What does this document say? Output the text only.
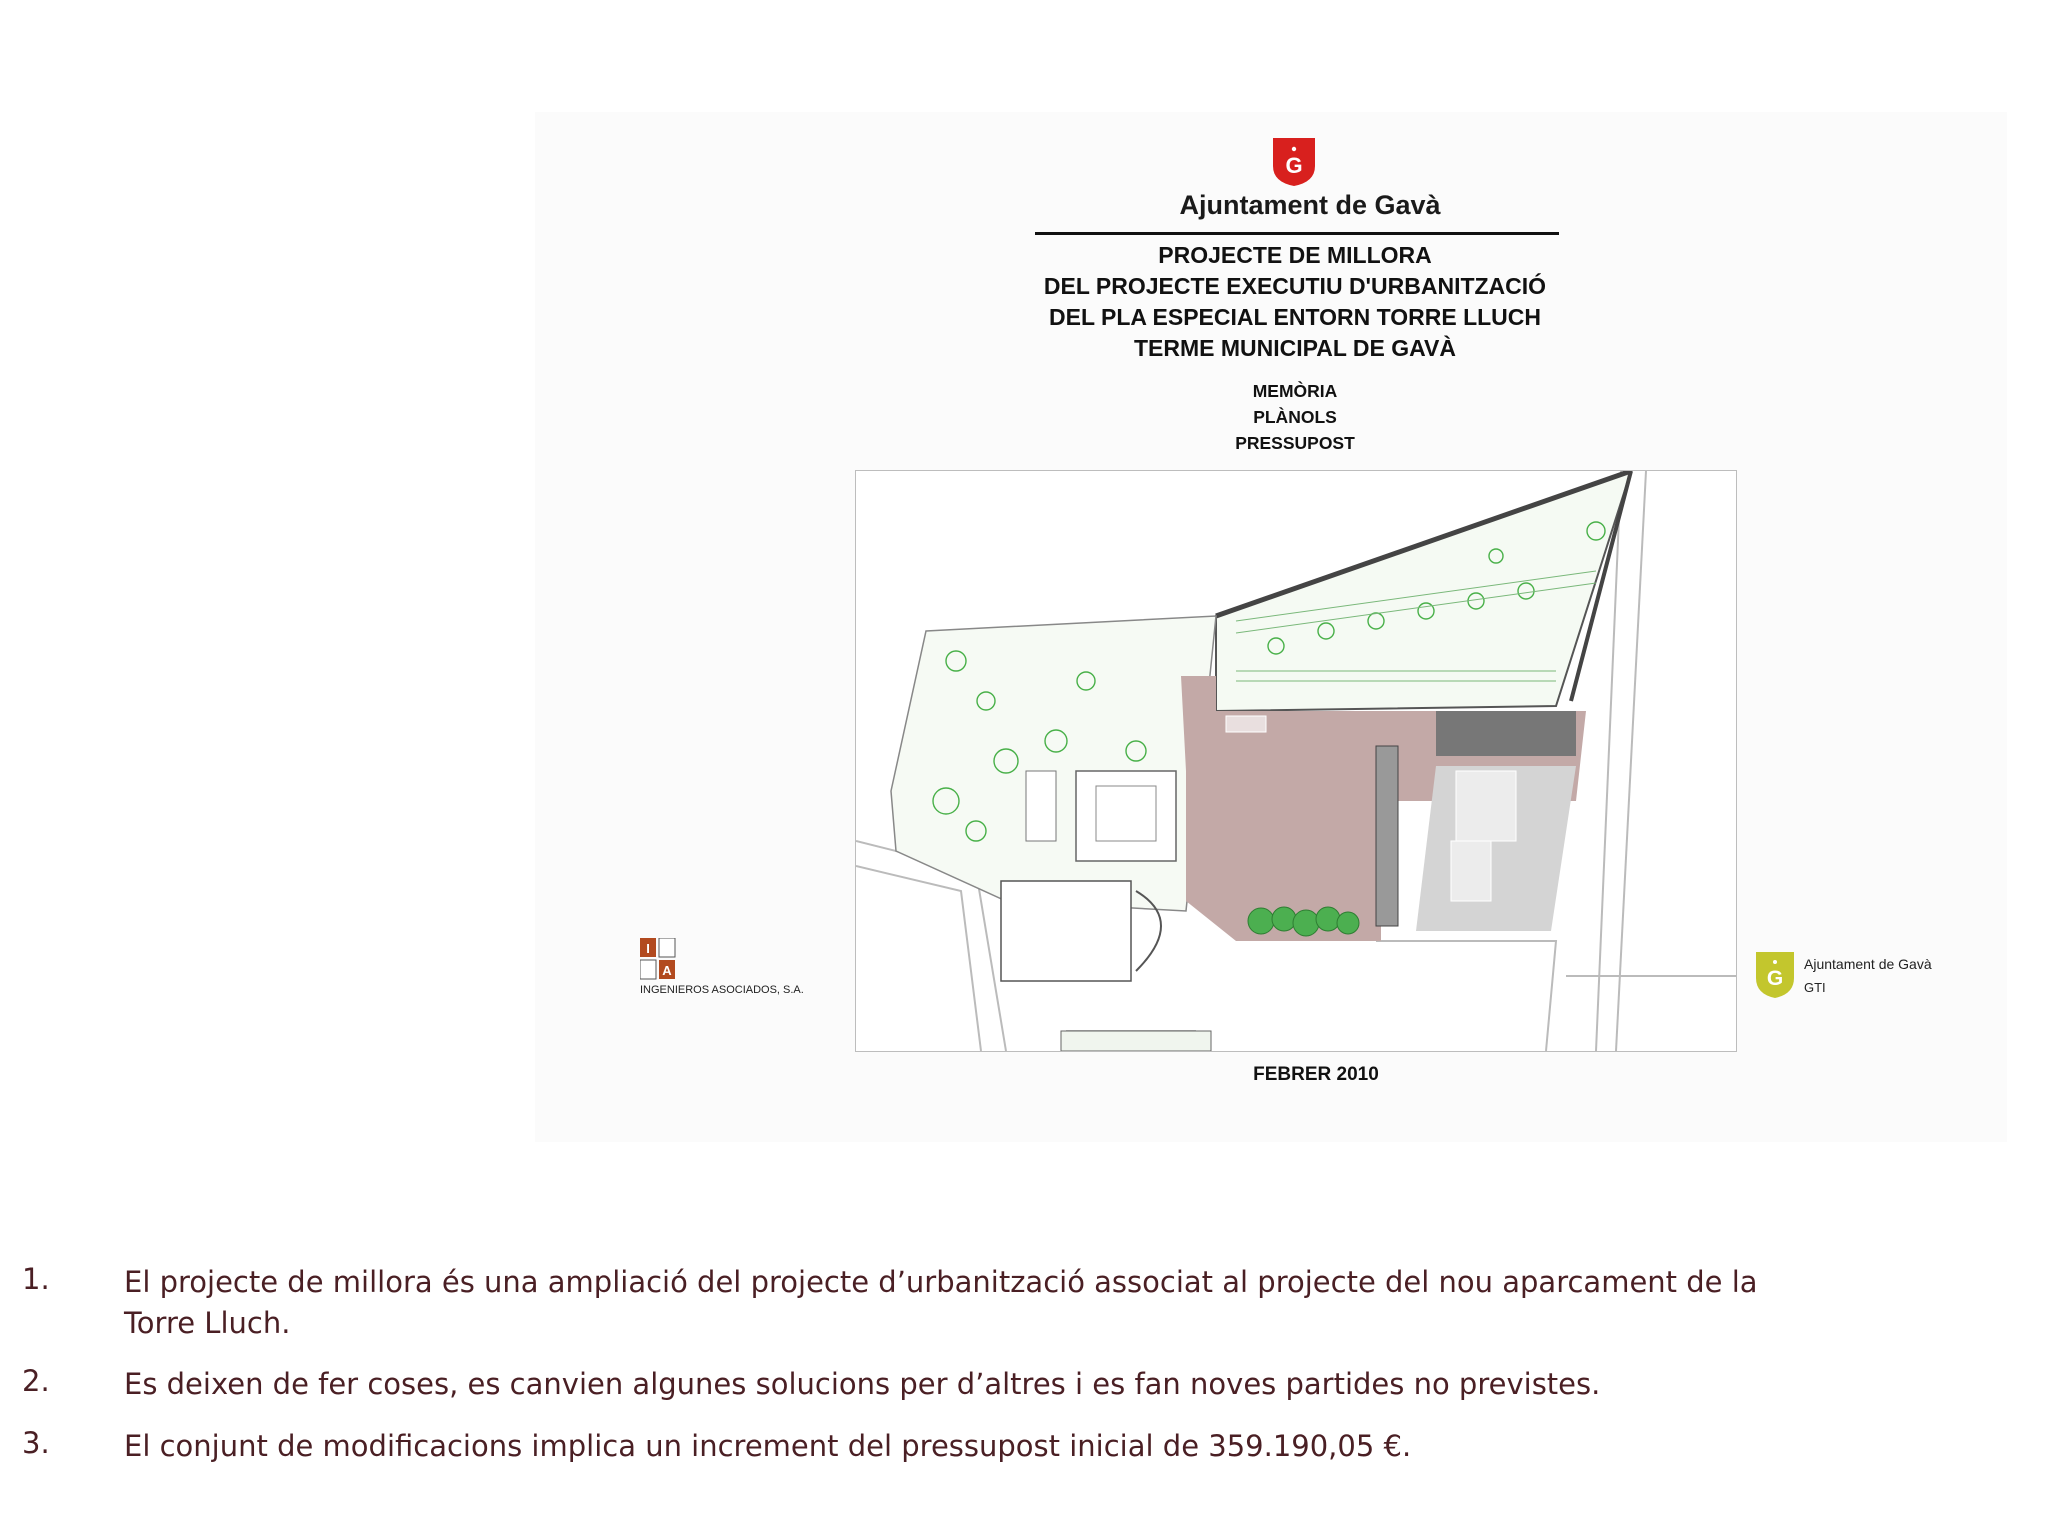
G
Ajuntament de Gavà
PROJECTE DE MILLORA
DEL PROJECTE EXECUTIU D'URBANITZACIÓ
DEL PLA ESPECIAL ENTORN TORRE LLUCH
TERME MUNICIPAL DE GAVÀ
MEMÒRIA
PLÀNOLS
PRESSUPOST
I
A
INGENIEROS ASOCIADOS, S.A.	G
Ajuntament de Gavà
GTI
FEBRER 2010
1.	El projecte de millora és una ampliació del projecte d’urbanització associat al projecte del nou aparcament de la Torre Lluch.
2.	Es deixen de fer coses, es canvien algunes solucions per d’altres i es fan noves partides no previstes.
3.	El conjunt de modificacions implica un increment del pressupost inicial de 359.190,05 €.
